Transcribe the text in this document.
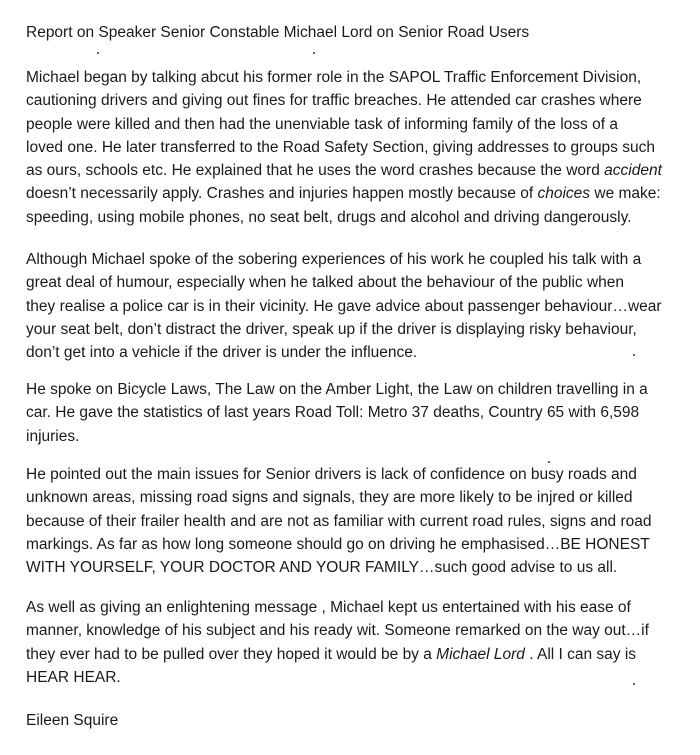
Report on Speaker Senior Constable Michael Lord on Senior Road Users

Michael began by talking abcut his former role in the SAPOL Traffic Enforcement Division,
cautioning drivers and giving out fines for traffic breaches. He attended car crashes where
people were killed and then had the unenviable task of informing family of the loss of a
loved one. He later transferred to the Road Safety Section, giving addresses to groups such
as ours, schools etc. He explained that he uses the word crashes because the word accident
doesn’t necessarily apply. Crashes and injuries happen mostly because of choices we make:
speeding, using mobile phones, no seat belt, drugs and alcohol and driving dangerously.

Although Michael spoke of the sobering experiences of his work he coupled his talk with a
great deal of humour, especially when he talked about the behaviour of the public when
they realise a police car is in their vicinity. He gave advice about passenger behaviour…wear
your seat belt, don’t distract the driver, speak up if the driver is displaying risky behaviour,
don’t get into a vehicle if the driver is under the influence.

He spoke on Bicycle Laws, The Law on the Amber Light, the Law on children travelling in a
car. He gave the statistics of last years Road Toll: Metro 37 deaths, Country 65 with 6,598
injuries.

He pointed out the main issues for Senior drivers is lack of confidence on busy roads and
unknown areas, missing road signs and signals, they are more likely to be injred or killed
because of their frailer health and are not as familiar with current road rules, signs and road
markings. As far as how long someone should go on driving he emphasised…BE HONEST
WITH YOURSELF, YOUR DOCTOR AND YOUR FAMILY…such good advise to us all.

As well as giving an enlightening message , Michael kept us entertained with his ease of
manner, knowledge of his subject and his ready wit. Someone remarked on the way out…if
they ever had to be pulled over they hoped it would be by a Michael Lord . All I can say is
HEAR HEAR.

Eileen Squire
